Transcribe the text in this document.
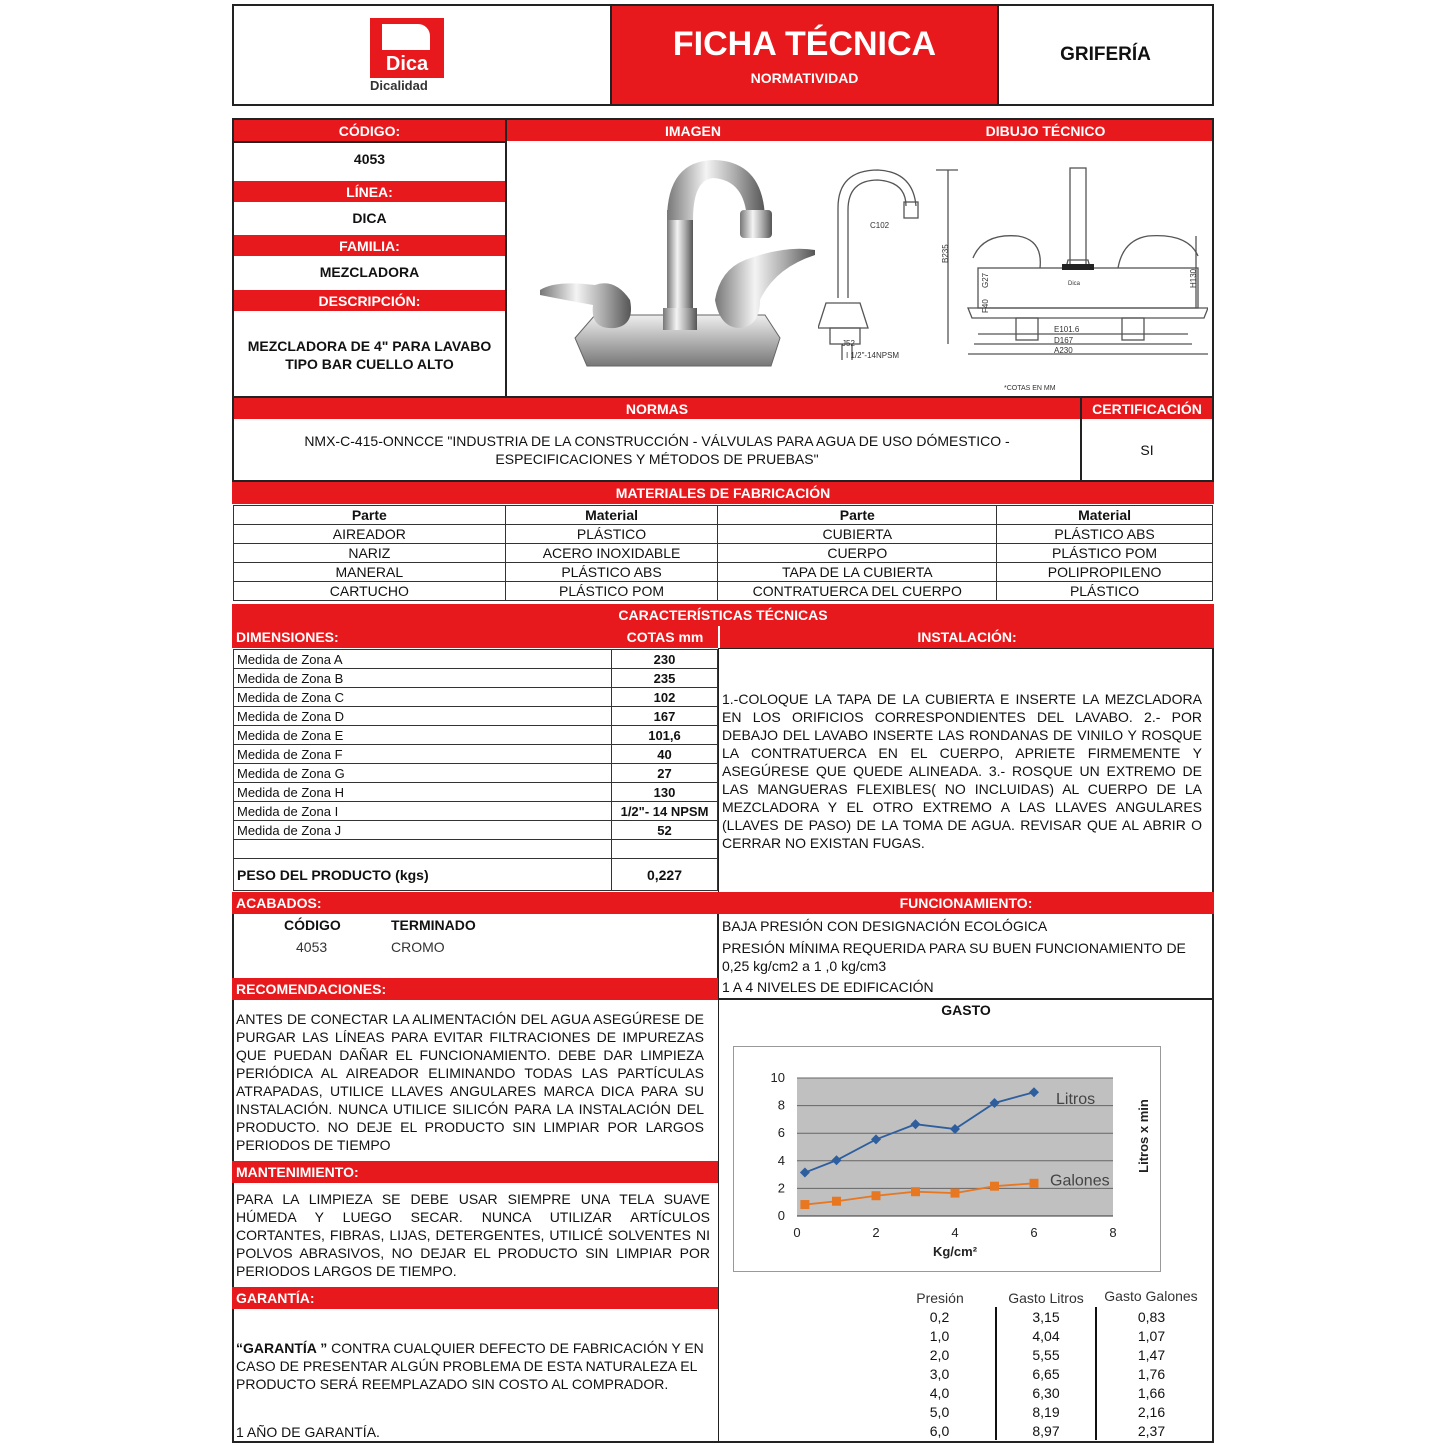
Dica
Dicalidad
FICHA TÉCNICA
NORMATIVIDAD
GRIFERÍA
CÓDIGO:
4053
LÍNEA:
DICA
FAMILIA:
MEZCLADORA
DESCRIPCIÓN:
MEZCLADORA DE 4" PARA LAVABO TIPO BAR CUELLO ALTO
IMAGEN	DIBUJO TÉCNICO
C102
B235
I 1/2"-14NPSM
J52
H130
F40
G27
E101.6
D167
A230
Dica
*COTAS EN MM
NORMAS	CERTIFICACIÓN
NMX-C-415-ONNCCE "INDUSTRIA DE LA CONSTRUCCIÓN - VÁLVULAS PARA AGUA DE USO DÓMESTICO - ESPECIFICACIONES Y MÉTODOS DE PRUEBAS"
SI
MATERIALES DE FABRICACIÓN
Parte	Material	Parte	Material
AIREADOR	PLÁSTICO	CUBIERTA	PLÁSTICO ABS
NARIZ	ACERO INOXIDABLE	CUERPO	PLÁSTICO POM
MANERAL	PLÁSTICO ABS	TAPA DE LA CUBIERTA	POLIPROPILENO
CARTUCHO	PLÁSTICO POM	CONTRATUERCA DEL CUERPO	PLÁSTICO
CARACTERÍSTICAS TÉCNICAS
DIMENSIONES:	COTAS mm	INSTALACIÓN:
Medida de Zona A	230
Medida de Zona B	235
Medida de Zona C	102
Medida de Zona D	167
Medida de Zona E	101,6
Medida de Zona F	40
Medida de Zona G	27
Medida de Zona H	130
Medida de Zona I	1/2"- 14 NPSM
Medida de Zona J	52

PESO DEL PRODUCTO (kgs)	0,227
1.-COLOQUE LA TAPA DE LA CUBIERTA E INSERTE LA MEZCLADORA EN LOS ORIFICIOS CORRESPONDIENTES DEL LAVABO. 2.- POR DEBAJO DEL LAVABO INSERTE LAS RONDANAS DE VINILO Y ROSQUE LA CONTRATUERCA EN EL CUERPO, APRIETE FIRMEMENTE Y ASEGÚRESE QUE QUEDE ALINEADA. 3.- ROSQUE UN EXTREMO DE LAS MANGUERAS FLEXIBLES( NO INCLUIDAS) AL CUERPO DE LA MEZCLADORA Y EL OTRO EXTREMO A LAS LLAVES ANGULARES (LLAVES DE PASO) DE LA TOMA DE AGUA. REVISAR QUE AL ABRIR O CERRAR NO EXISTAN FUGAS.
ACABADOS:	FUNCIONAMIENTO:
CÓDIGO	TERMINADO
4053	CROMO
BAJA PRESIÓN CON DESIGNACIÓN ECOLÓGICA
PRESIÓN MÍNIMA REQUERIDA PARA SU BUEN FUNCIONAMIENTO DE 0,25 kg/cm2 a 1 ,0 kg/cm3
1 A 4 NIVELES DE EDIFICACIÓN
RECOMENDACIONES:
ANTES DE CONECTAR LA ALIMENTACIÓN DEL AGUA ASEGÚRESE DE PURGAR LAS LÍNEAS PARA EVITAR FILTRACIONES DE IMPUREZAS QUE PUEDAN DAÑAR EL FUNCIONAMIENTO. DEBE DAR LIMPIEZA PERIÓDICA AL AIREADOR ELIMINANDO TODAS LAS PARTÍCULAS ATRAPADAS, UTILICE LLAVES ANGULARES MARCA DICA PARA SU INSTALACIÓN. NUNCA UTILICE SILICÓN PARA LA INSTALACIÓN DEL PRODUCTO. NO DEJE EL PRODUCTO SIN LIMPIAR POR LARGOS PERIODOS DE TIEMPO
MANTENIMIENTO:
PARA LA LIMPIEZA SE DEBE USAR SIEMPRE UNA TELA SUAVE HÚMEDA Y LUEGO SECAR. NUNCA UTILIZAR ARTÍCULOS CORTANTES, FIBRAS, LIJAS, DETERGENTES, UTILICÉ SOLVENTES NI POLVOS ABRASIVOS, NO DEJAR EL PRODUCTO SIN LIMPIAR POR PERIODOS LARGOS DE TIEMPO.
GARANTÍA:
“GARANTÍA ” CONTRA CUALQUIER DEFECTO DE FABRICACIÓN Y EN CASO DE PRESENTAR ALGÚN PROBLEMA DE ESTA NATURALEZA EL PRODUCTO SERÁ REEMPLAZADO SIN COSTO AL COMPRADOR.
1 AÑO DE GARANTÍA.
GASTO
0
2
4
6
8
10
0	2	4	6	8
Kg/cm²
Litros x min
Litros
Galones
Presión	Gasto Litros	Gasto Galones
0,2	3,15	0,83
1,0	4,04	1,07
2,0	5,55	1,47
3,0	6,65	1,76
4,0	6,30	1,66
5,0	8,19	2,16
6,0	8,97	2,37
